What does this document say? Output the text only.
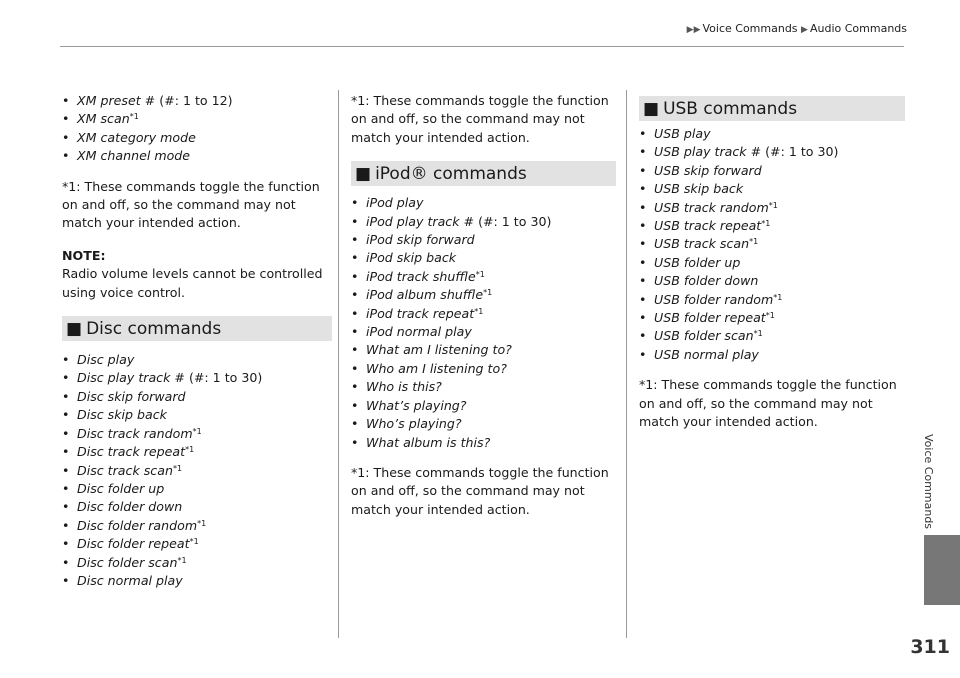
▶▶ Voice Commands ▶ Audio Commands
• XM preset # (#: 1 to 12)
• XM scan$^{*1}$
• XM category mode
• XM channel mode

*1: These commands toggle the function on and off, so the command may not match your intended action.

NOTE:

Radio volume levels cannot be controlled using voice control.

■ Disc commands
• Disc play
• Disc play track # (#: 1 to 30)
• Disc skip forward
• Disc skip back
• Disc track random$^{*1}$
• Disc track repeat$^{*1}$
• Disc track scan$^{*1}$
• Disc folder up
• Disc folder down
• Disc folder random$^{*1}$
• Disc folder repeat$^{*1}$
• Disc folder scan$^{*1}$
• Disc normal play

*1: These commands toggle the function on and off, so the command may not match your intended action.

■ iPod® commands
• iPod play
• iPod play track # (#: 1 to 30)
• iPod skip forward
• iPod skip back
• iPod track shuffle$^{*1}$
• iPod album shuffle$^{*1}$
• iPod track repeat$^{*1}$
• iPod normal play
• What am I listening to?
• Who am I listening to?
• Who is this?
• What’s playing?
• Who’s playing?
• What album is this?

*1: These commands toggle the function on and off, so the command may not match your intended action.

■ USB commands
• USB play
• USB play track # (#: 1 to 30)
• USB skip forward
• USB skip back
• USB track random$^{*1}$
• USB track repeat$^{*1}$
• USB track scan$^{*1}$
• USB folder up
• USB folder down
• USB folder random$^{*1}$
• USB folder repeat$^{*1}$
• USB folder scan$^{*1}$
• USB normal play

*1: These commands toggle the function on and off, so the command may not match your intended action.

Voice Commands
311
